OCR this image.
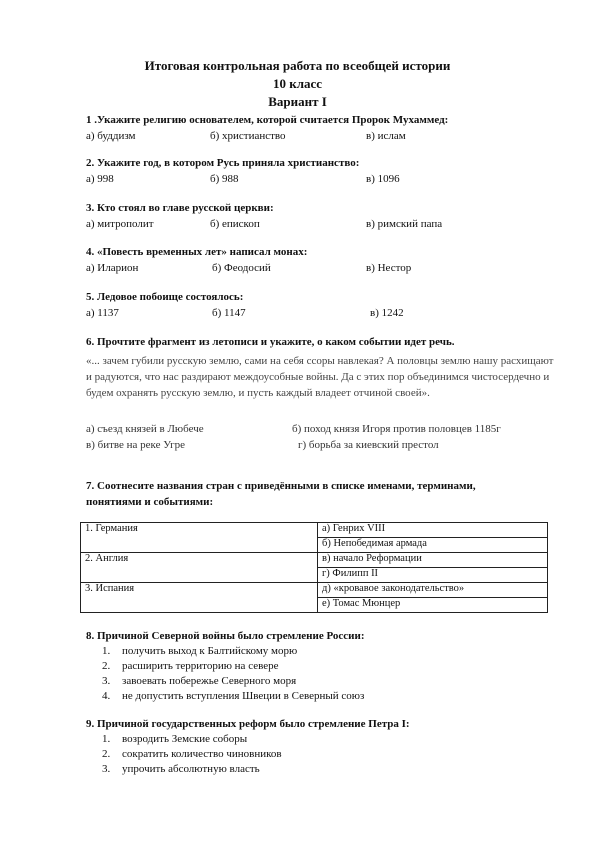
Итоговая контрольная работа по всеобщей истории
10 класс
Вариант I
1 .Укажите религию основателем, которой считается Пророк Мухаммед:
а) буддизм	б) христианство	в) ислам
2. Укажите год, в котором Русь приняла христианство:
а) 998	б) 988	в) 1096
3. Кто стоял во главе русской церкви:
а) митрополит	б) епископ	в) римский папа
4. «Повесть временных лет» написал монах:
а) Иларион	б) Феодосий	в) Нестор
5. Ледовое побоище состоялось:
а) 1137	б) 1147	в) 1242
6. Прочтите фрагмент из летописи и укажите, о каком событии идет речь.
«... зачем губили русскую землю, сами на себя ссоры навлекая? А половцы землю нашу расхищают и радуются, что нас раздирают междоусобные войны. Да с этих пор объединимся чистосердечно и будем охранять русскую землю, и пусть каждый владеет отчиной своей».
а) съезд князей в Любече	б) поход князя Игоря против половцев 1185г
в) битве на реке Угре	г) борьба за киевский престол
7. Соотнесите названия стран с приведёнными в списке именами, терминами,
понятиями и событиями:
1. Германия	а) Генрих VIII
	б) Непобедимая армада
2. Англия	в) начало Реформации
	г) Филипп II
3. Испания	д) «кровавое законодательство»
	е) Томас Мюнцер
8. Причиной Северной войны было стремление России:
1. получить выход к Балтийскому морю
2. расширить территорию на севере
3. завоевать побережье Северного моря
4. не допустить вступления Швеции в Северный союз
9. Причиной государственных реформ было стремление Петра I:
1. возродить Земские соборы
2. сократить количество чиновников
3. упрочить абсолютную власть
